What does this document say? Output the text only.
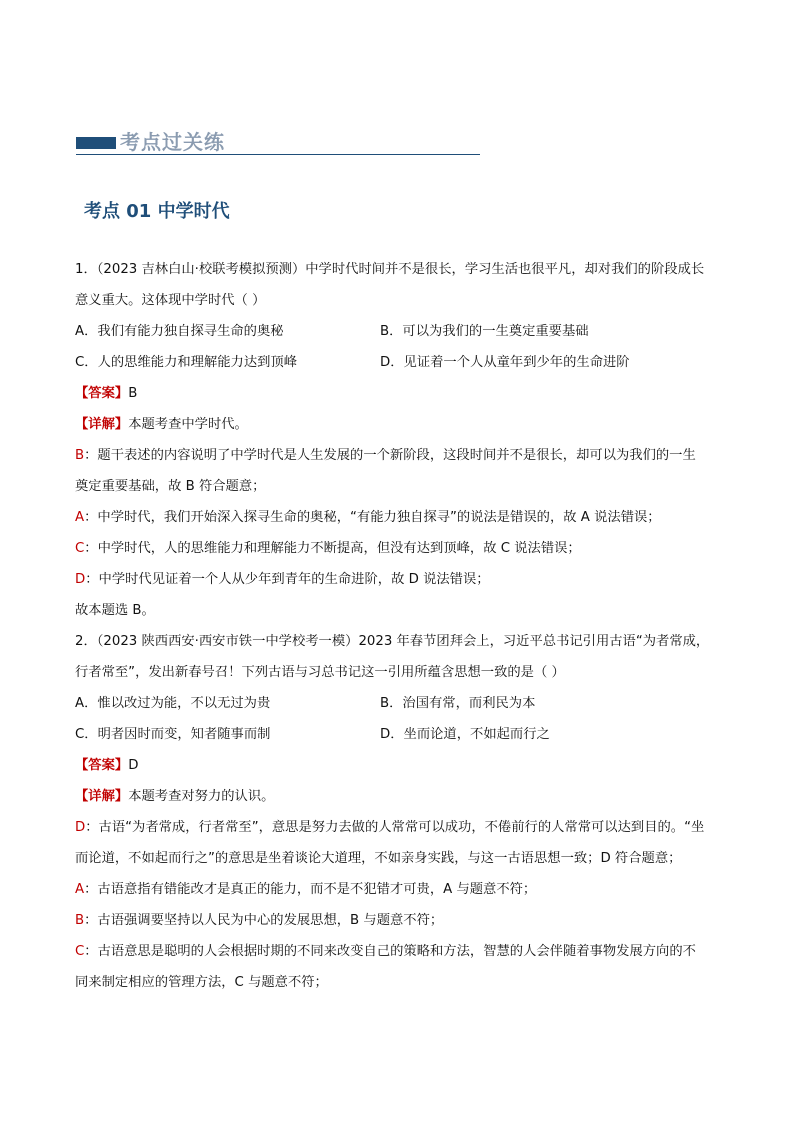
考点过关练
考点 01 中学时代
1．（2023 吉林白山·校联考模拟预测）中学时代时间并不是很长，学习生活也很平凡，却对我们的阶段成长
意义重大。这体现中学时代（ ）
A．我们有能力独自探寻生命的奥秘	B．可以为我们的一生奠定重要基础
C．人的思维能力和理解能力达到顶峰	D．见证着一个人从童年到少年的生命进阶
【答案】B
【详解】本题考查中学时代。
B：题干表述的内容说明了中学时代是人生发展的一个新阶段，这段时间并不是很长，却可以为我们的一生
奠定重要基础，故 B 符合题意；
A：中学时代，我们开始深入探寻生命的奥秘，“有能力独自探寻”的说法是错误的，故 A 说法错误；
C：中学时代，人的思维能力和理解能力不断提高，但没有达到顶峰，故 C 说法错误；
D：中学时代见证着一个人从少年到青年的生命进阶，故 D 说法错误；
故本题选 B。
2．（2023 陕西西安·西安市铁一中学校考一模）2023 年春节团拜会上，习近平总书记引用古语“为者常成，
行者常至”，发出新春号召！下列古语与习总书记这一引用所蕴含思想一致的是（ ）
A．惟以改过为能，不以无过为贵	B．治国有常，而利民为本
C．明者因时而变，知者随事而制	D．坐而论道，不如起而行之
【答案】D
【详解】本题考查对努力的认识。
D：古语“为者常成，行者常至”，意思是努力去做的人常常可以成功，不倦前行的人常常可以达到目的。“坐
而论道，不如起而行之”的意思是坐着谈论大道理，不如亲身实践，与这一古语思想一致；D 符合题意；
A：古语意指有错能改才是真正的能力，而不是不犯错才可贵，A 与题意不符；
B：古语强调要坚持以人民为中心的发展思想，B 与题意不符；
C：古语意思是聪明的人会根据时期的不同来改变自己的策略和方法，智慧的人会伴随着事物发展方向的不
同来制定相应的管理方法，C 与题意不符；
